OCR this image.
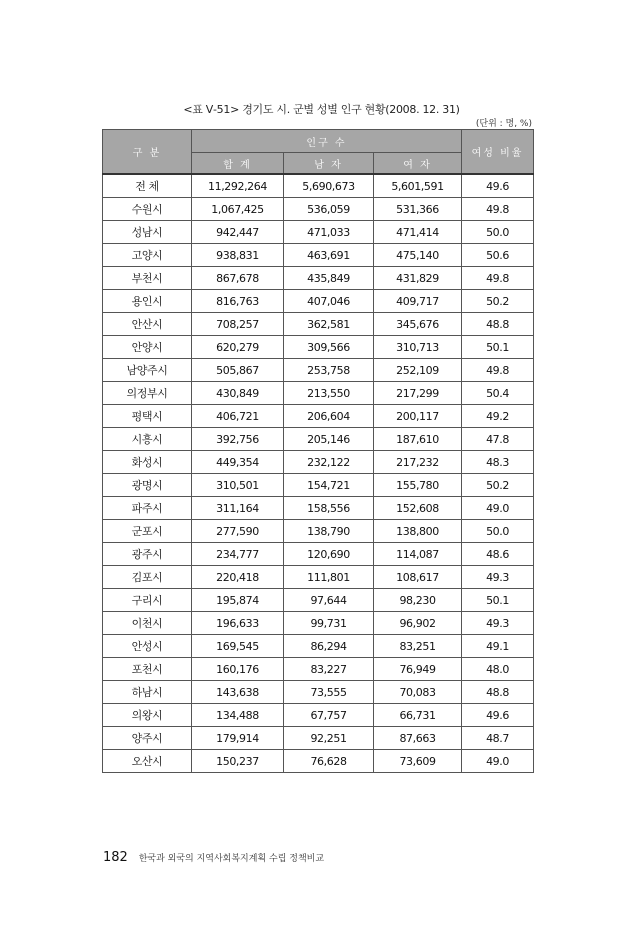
<표 Ⅴ-51> 경기도 시. 군별 성별 인구 현황(2008. 12. 31)
(단위 : 명, %)
구 분	인구 수			여성 비율
	합 계	남 자	여 자	
전 체	11,292,264	5,690,673	5,601,591	49.6
수원시	1,067,425	536,059	531,366	49.8
성남시	942,447	471,033	471,414	50.0
고양시	938,831	463,691	475,140	50.6
부천시	867,678	435,849	431,829	49.8
용인시	816,763	407,046	409,717	50.2
안산시	708,257	362,581	345,676	48.8
안양시	620,279	309,566	310,713	50.1
남양주시	505,867	253,758	252,109	49.8
의정부시	430,849	213,550	217,299	50.4
평택시	406,721	206,604	200,117	49.2
시흥시	392,756	205,146	187,610	47.8
화성시	449,354	232,122	217,232	48.3
광명시	310,501	154,721	155,780	50.2
파주시	311,164	158,556	152,608	49.0
군포시	277,590	138,790	138,800	50.0
광주시	234,777	120,690	114,087	48.6
김포시	220,418	111,801	108,617	49.3
구리시	195,874	97,644	98,230	50.1
이천시	196,633	99,731	96,902	49.3
안성시	169,545	86,294	83,251	49.1
포천시	160,176	83,227	76,949	48.0
하남시	143,638	73,555	70,083	48.8
의왕시	134,488	67,757	66,731	49.6
양주시	179,914	92,251	87,663	48.7
오산시	150,237	76,628	73,609	49.0
182 한국과 외국의 지역사회복지계획 수립 정책비교
